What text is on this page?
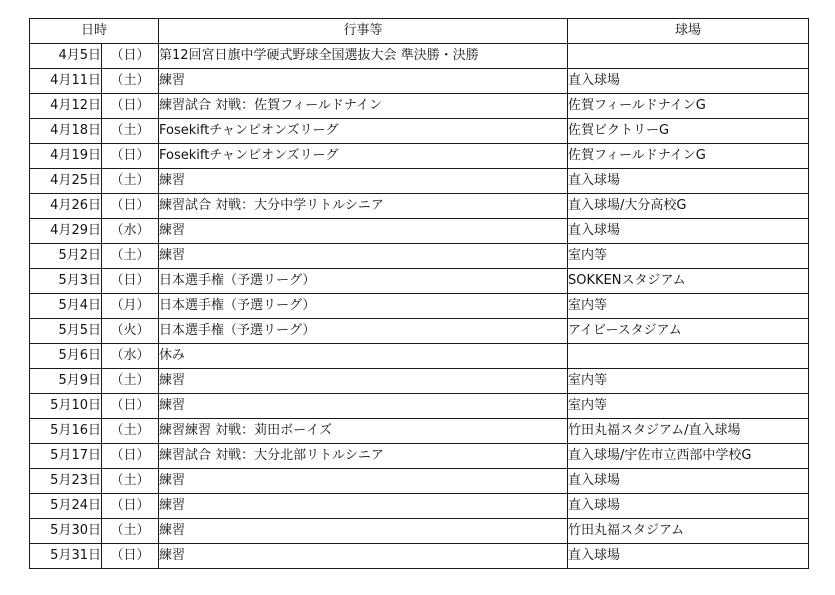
日時		行事等	球場
4月5日	（日）	第12回宮日旗中学硬式野球全国選抜大会 準決勝・決勝	
4月11日	（土）	練習	直入球場
4月12日	（日）	練習試合 対戦：佐賀フィールドナイン	佐賀フィールドナインG
4月18日	（土）	Fosekiftチャンピオンズリーグ	佐賀ビクトリーG
4月19日	（日）	Fosekiftチャンピオンズリーグ	佐賀フィールドナインG
4月25日	（土）	練習	直入球場
4月26日	（日）	練習試合 対戦：大分中学リトルシニア	直入球場/大分高校G
4月29日	（水）	練習	直入球場
5月2日	（土）	練習	室内等
5月3日	（日）	日本選手権（予選リーグ）	SOKKENスタジアム
5月4日	（月）	日本選手権（予選リーグ）	室内等
5月5日	（火）	日本選手権（予選リーグ）	アイビースタジアム
5月6日	（水）	休み	
5月9日	（土）	練習	室内等
5月10日	（日）	練習	室内等
5月16日	（土）	練習練習 対戦：苅田ボーイズ	竹田丸福スタジアム/直入球場
5月17日	（日）	練習試合 対戦：大分北部リトルシニア	直入球場/宇佐市立西部中学校G
5月23日	（土）	練習	直入球場
5月24日	（日）	練習	直入球場
5月30日	（土）	練習	竹田丸福スタジアム
5月31日	（日）	練習	直入球場
